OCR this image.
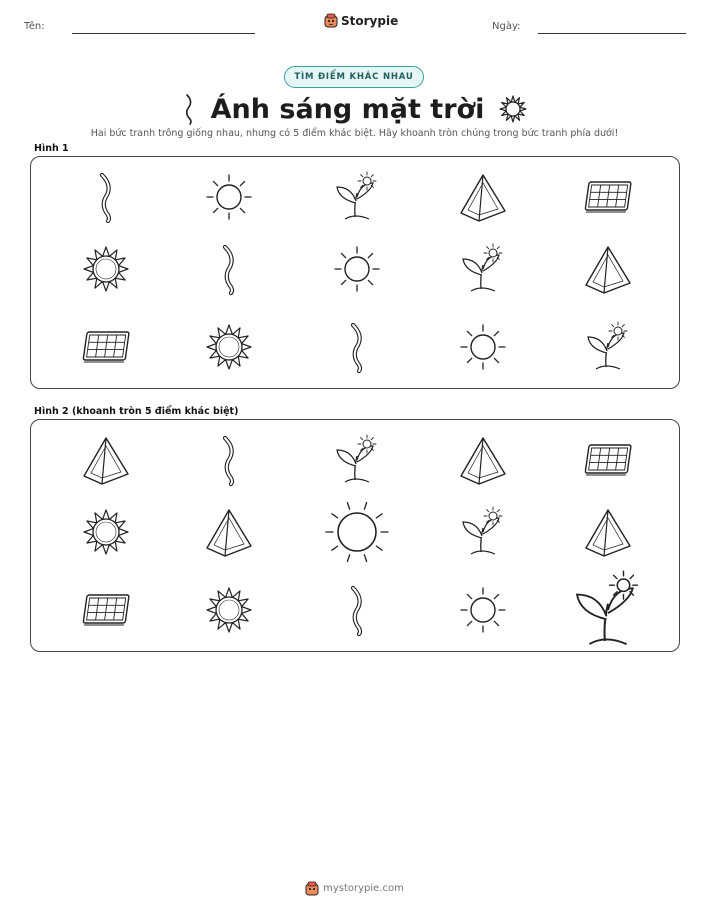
Tên:	Storypie	Ngày:
TÌM ĐIỂM KHÁC NHAU
Ánh sáng mặt trời
Hai bức tranh trông giống nhau, nhưng có 5 điểm khác biệt. Hãy khoanh tròn chúng trong bức tranh phía dưới!
Hình 1
Hình 2 (khoanh tròn 5 điểm khác biệt)
mystorypie.com
